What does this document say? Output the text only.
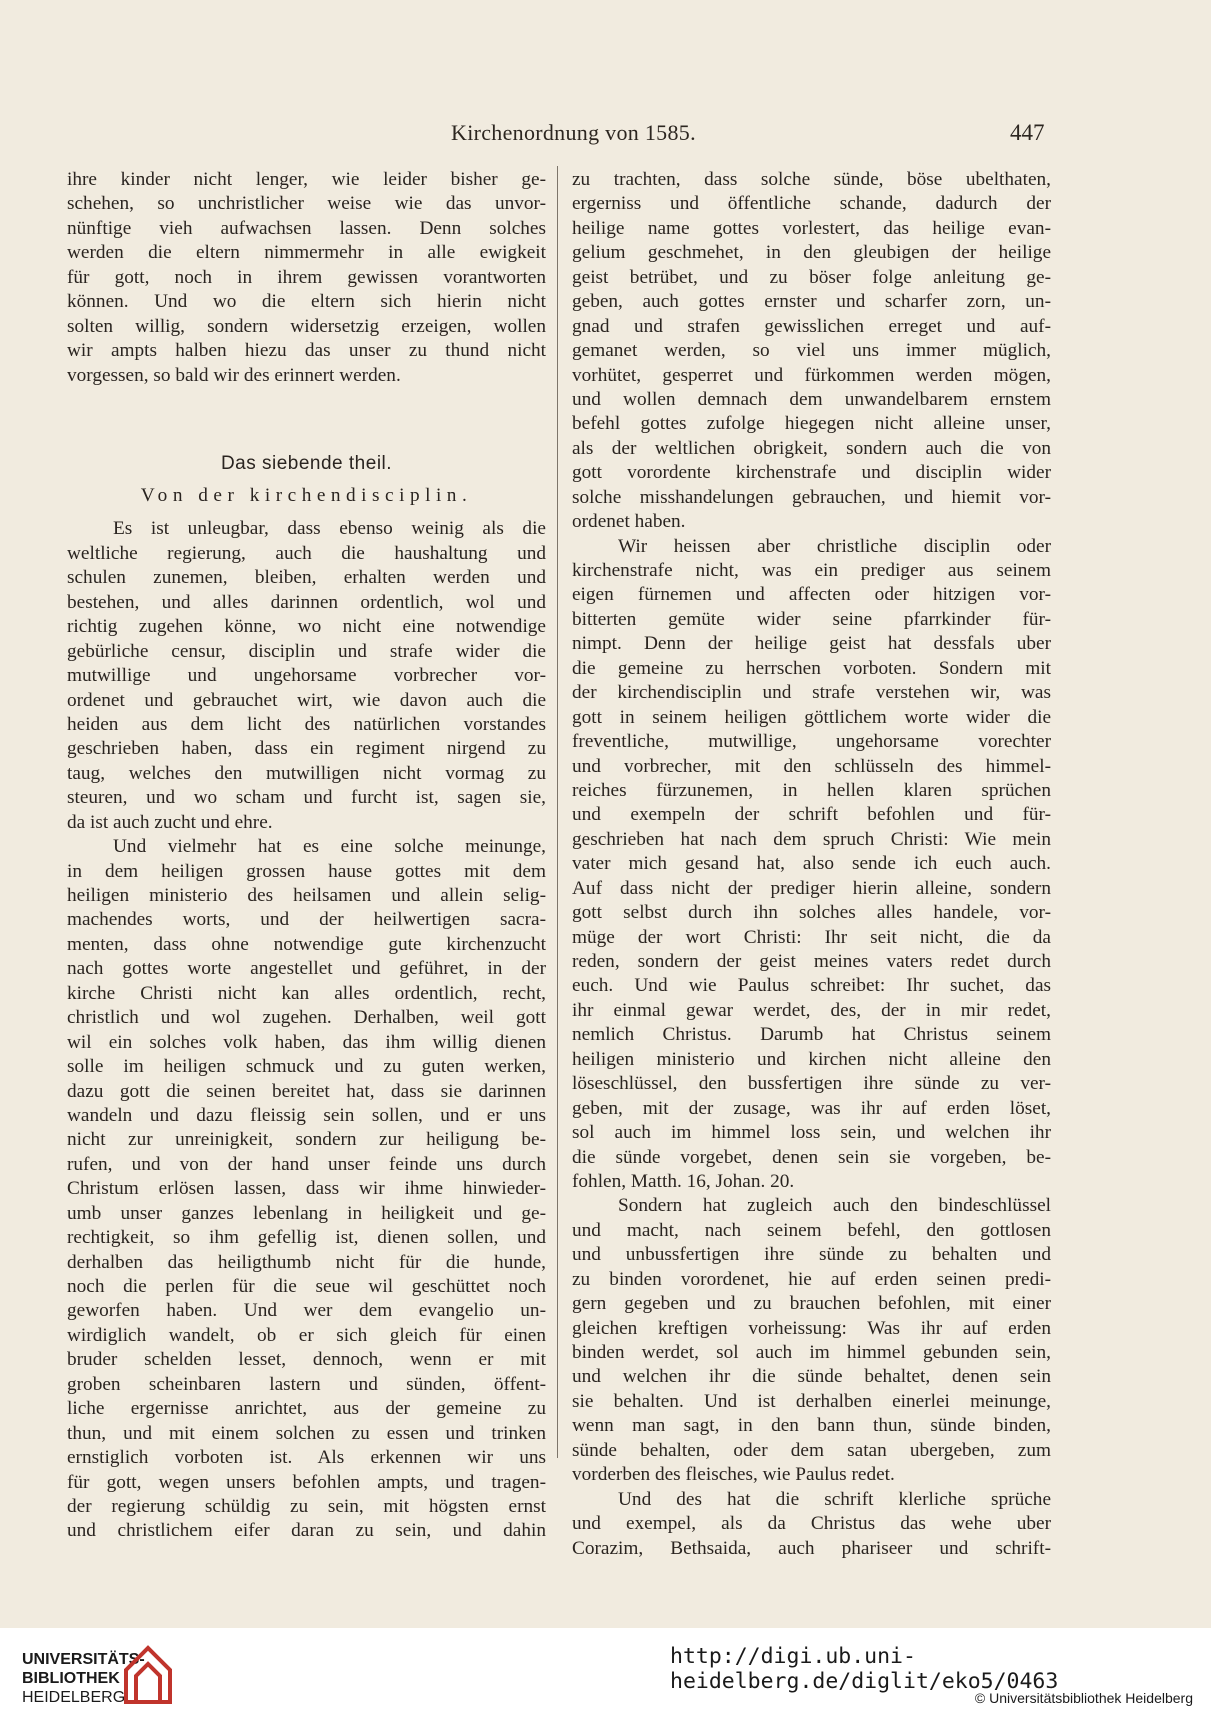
Kirchenordnung von 1585.	447
ihre kinder nicht lenger, wie leider bisher ge-
schehen, so unchristlicher weise wie das unvor-
nünftige vieh aufwachsen lassen. Denn solches
werden die eltern nimmermehr in alle ewigkeit
für gott, noch in ihrem gewissen vorantworten
können. Und wo die eltern sich hierin nicht
solten willig, sondern widersetzig erzeigen, wollen
wir ampts halben hiezu das unser zu thund nicht
vorgessen, so bald wir des erinnert werden.
Das siebende theil.
Von der kirchendisciplin.
Es ist unleugbar, dass ebenso weinig als die
weltliche regierung, auch die haushaltung und
schulen zunemen, bleiben, erhalten werden und
bestehen, und alles darinnen ordentlich, wol und
richtig zugehen könne, wo nicht eine notwendige
gebürliche censur, disciplin und strafe wider die
mutwillige und ungehorsame vorbrecher vor-
ordenet und gebrauchet wirt, wie davon auch die
heiden aus dem licht des natürlichen vorstandes
geschrieben haben, dass ein regiment nirgend zu
taug, welches den mutwilligen nicht vormag zu
steuren, und wo scham und furcht ist, sagen sie,
da ist auch zucht und ehre.
Und vielmehr hat es eine solche meinunge,
in dem heiligen grossen hause gottes mit dem
heiligen ministerio des heilsamen und allein selig-
machendes worts, und der heilwertigen sacra-
menten, dass ohne notwendige gute kirchenzucht
nach gottes worte angestellet und geführet, in der
kirche Christi nicht kan alles ordentlich, recht,
christlich und wol zugehen. Derhalben, weil gott
wil ein solches volk haben, das ihm willig dienen
solle im heiligen schmuck und zu guten werken,
dazu gott die seinen bereitet hat, dass sie darinnen
wandeln und dazu fleissig sein sollen, und er uns
nicht zur unreinigkeit, sondern zur heiligung be-
rufen, und von der hand unser feinde uns durch
Christum erlösen lassen, dass wir ihme hinwieder-
umb unser ganzes lebenlang in heiligkeit und ge-
rechtigkeit, so ihm gefellig ist, dienen sollen, und
derhalben das heiligthumb nicht für die hunde,
noch die perlen für die seue wil geschüttet noch
geworfen haben. Und wer dem evangelio un-
wirdiglich wandelt, ob er sich gleich für einen
bruder schelden lesset, dennoch, wenn er mit
groben scheinbaren lastern und sünden, öffent-
liche ergernisse anrichtet, aus der gemeine zu
thun, und mit einem solchen zu essen und trinken
ernstiglich vorboten ist. Als erkennen wir uns
für gott, wegen unsers befohlen ampts, und tragen-
der regierung schüldig zu sein, mit högsten ernst
und christlichem eifer daran zu sein, und dahin
zu trachten, dass solche sünde, böse ubelthaten,
ergerniss und öffentliche schande, dadurch der
heilige name gottes vorlestert, das heilige evan-
gelium geschmehet, in den gleubigen der heilige
geist betrübet, und zu böser folge anleitung ge-
geben, auch gottes ernster und scharfer zorn, un-
gnad und strafen gewisslichen erreget und auf-
gemanet werden, so viel uns immer müglich,
vorhütet, gesperret und fürkommen werden mögen,
und wollen demnach dem unwandelbarem ernstem
befehl gottes zufolge hiegegen nicht alleine unser,
als der weltlichen obrigkeit, sondern auch die von
gott vorordente kirchenstrafe und disciplin wider
solche misshandelungen gebrauchen, und hiemit vor-
ordenet haben.
Wir heissen aber christliche disciplin oder
kirchenstrafe nicht, was ein prediger aus seinem
eigen fürnemen und affecten oder hitzigen vor-
bitterten gemüte wider seine pfarrkinder für-
nimpt. Denn der heilige geist hat dessfals uber
die gemeine zu herrschen vorboten. Sondern mit
der kirchendisciplin und strafe verstehen wir, was
gott in seinem heiligen göttlichem worte wider die
freventliche, mutwillige, ungehorsame vorechter
und vorbrecher, mit den schlüsseln des himmel-
reiches fürzunemen, in hellen klaren sprüchen
und exempeln der schrift befohlen und für-
geschrieben hat nach dem spruch Christi: Wie mein
vater mich gesand hat, also sende ich euch auch.
Auf dass nicht der prediger hierin alleine, sondern
gott selbst durch ihn solches alles handele, vor-
müge der wort Christi: Ihr seit nicht, die da
reden, sondern der geist meines vaters redet durch
euch. Und wie Paulus schreibet: Ihr suchet, das
ihr einmal gewar werdet, des, der in mir redet,
nemlich Christus. Darumb hat Christus seinem
heiligen ministerio und kirchen nicht alleine den
löseschlüssel, den bussfertigen ihre sünde zu ver-
geben, mit der zusage, was ihr auf erden löset,
sol auch im himmel loss sein, und welchen ihr
die sünde vorgebet, denen sein sie vorgeben, be-
fohlen, Matth. 16, Johan. 20.
Sondern hat zugleich auch den bindeschlüssel
und macht, nach seinem befehl, den gottlosen
und unbussfertigen ihre sünde zu behalten und
zu binden vorordenet, hie auf erden seinen predi-
gern gegeben und zu brauchen befohlen, mit einer
gleichen kreftigen vorheissung: Was ihr auf erden
binden werdet, sol auch im himmel gebunden sein,
und welchen ihr die sünde behaltet, denen sein
sie behalten. Und ist derhalben einerlei meinunge,
wenn man sagt, in den bann thun, sünde binden,
sünde behalten, oder dem satan ubergeben, zum
vorderben des fleisches, wie Paulus redet.
Und des hat die schrift klerliche sprüche
und exempel, als da Christus das wehe uber
Corazim, Bethsaida, auch phariseer und schrift-
UNIVERSITÄTS-
BIBLIOTHEK
HEIDELBERG
http://digi.ub.uni-heidelberg.de/diglit/eko5/0463
© Universitätsbibliothek Heidelberg
